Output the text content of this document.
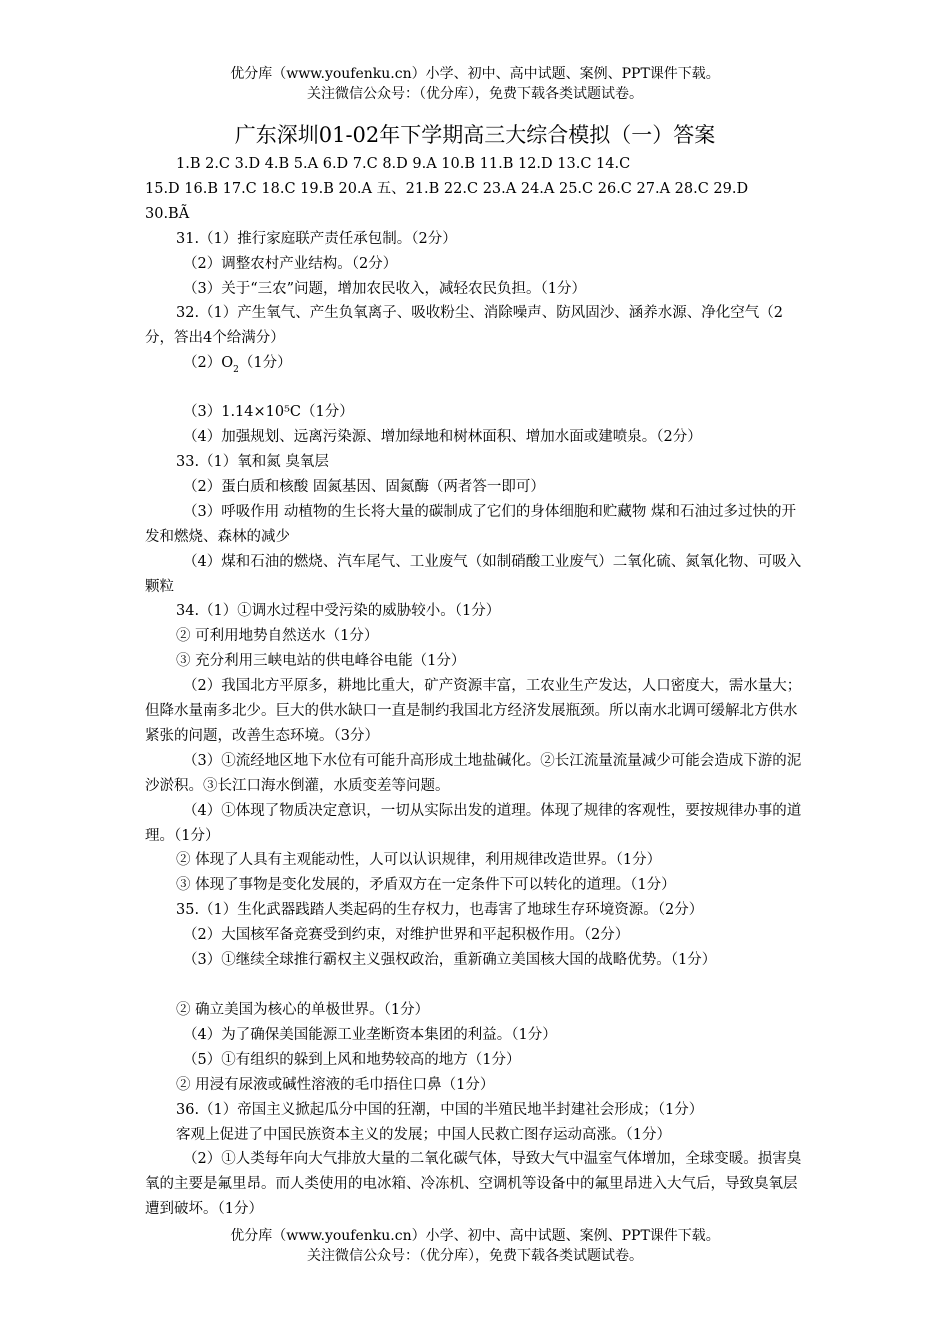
优分库（www.youfenku.cn）小学、初中、高中试题、案例、PPT课件下载。
关注微信公众号：（优分库），免费下载各类试题试卷。
广东深圳01-02年下学期高三大综合模拟（一）答案

1.B 2.C 3.D 4.B 5.A 6.D 7.C 8.D 9.A 10.B 11.B 12.D 13.C 14.C

15.D 16.B 17.C 18.C 19.B 20.A 五、21.B 22.C 23.A 24.A 25.C 26.C 27.A 28.C 29.D

30.BÃ

31.（1）推行家庭联产责任承包制。（2分）

（2）调整农村产业结构。（2分）

（3）关于“三农”问题，增加农民收入，减轻农民负担。（1分）

32.（1）产生氧气、产生负氧离子、吸收粉尘、消除噪声、防风固沙、涵养水源、净化空气（2分，答出4个给满分）

$(2)O_2(1$分）

（3）1.14×10⁵C（1分）

（4）加强规划、远离污染源、增加绿地和树林面积、增加水面或建喷泉。（2分）

33.（1）氧和氮 臭氧层

（2）蛋白质和核酸 固氮基因、固氮酶（两者答一即可）

（3）呼吸作用 动植物的生长将大量的碳制成了它们的身体细胞和贮藏物 煤和石油过多过快的开发和燃烧、森林的减少

（4）煤和石油的燃烧、汽车尾气、工业废气（如制硝酸工业废气）二氧化硫、氮氧化物、可吸入颗粒

34.（1）①调水过程中受污染的威胁较小。（1分）

② 可利用地势自然送水（1分）

③ 充分利用三峡电站的供电峰谷电能（1分）

（2）我国北方平原多，耕地比重大，矿产资源丰富，工农业生产发达，人口密度大，需水量大；但降水量南多北少。巨大的供水缺口一直是制约我国北方经济发展瓶颈。所以南水北调可缓解北方供水紧张的问题，改善生态环境。（3分）

（3）①流经地区地下水位有可能升高形成土地盐碱化。②长江流量流量减少可能会造成下游的泥沙淤积。③长江口海水倒灌，水质变差等问题。

（4）①体现了物质决定意识，一切从实际出发的道理。体现了规律的客观性，要按规律办事的道理。（1分）

② 体现了人具有主观能动性，人可以认识规律，利用规律改造世界。（1分）

③ 体现了事物是变化发展的，矛盾双方在一定条件下可以转化的道理。（1分）

35.（1）生化武器践踏人类起码的生存权力，也毒害了地球生存环境资源。（2分）

（2）大国核军备竞赛受到约束，对维护世界和平起积极作用。（2分）

（3）①继续全球推行霸权主义强权政治，重新确立美国核大国的战略优势。（1分）

② 确立美国为核心的单极世界。（1分）

（4）为了确保美国能源工业垄断资本集团的利益。（1分）

（5）①有组织的躲到上风和地势较高的地方（1分）

② 用浸有尿液或碱性溶液的毛巾捂住口鼻（1分）

36.（1）帝国主义掀起瓜分中国的狂潮，中国的半殖民地半封建社会形成；（1分）

客观上促进了中国民族资本主义的发展；中国人民救亡图存运动高涨。（1分）

（2）①人类每年向大气排放大量的二氧化碳气体，导致大气中温室气体增加，全球变暖。损害臭氧的主要是氟里昂。而人类使用的电冰箱、冷冻机、空调机等设备中的氟里昂进入大气后，导致臭氧层遭到破坏。（1分）

优分库（www.youfenku.cn）小学、初中、高中试题、案例、PPT课件下载。
关注微信公众号：（优分库），免费下载各类试题试卷。
